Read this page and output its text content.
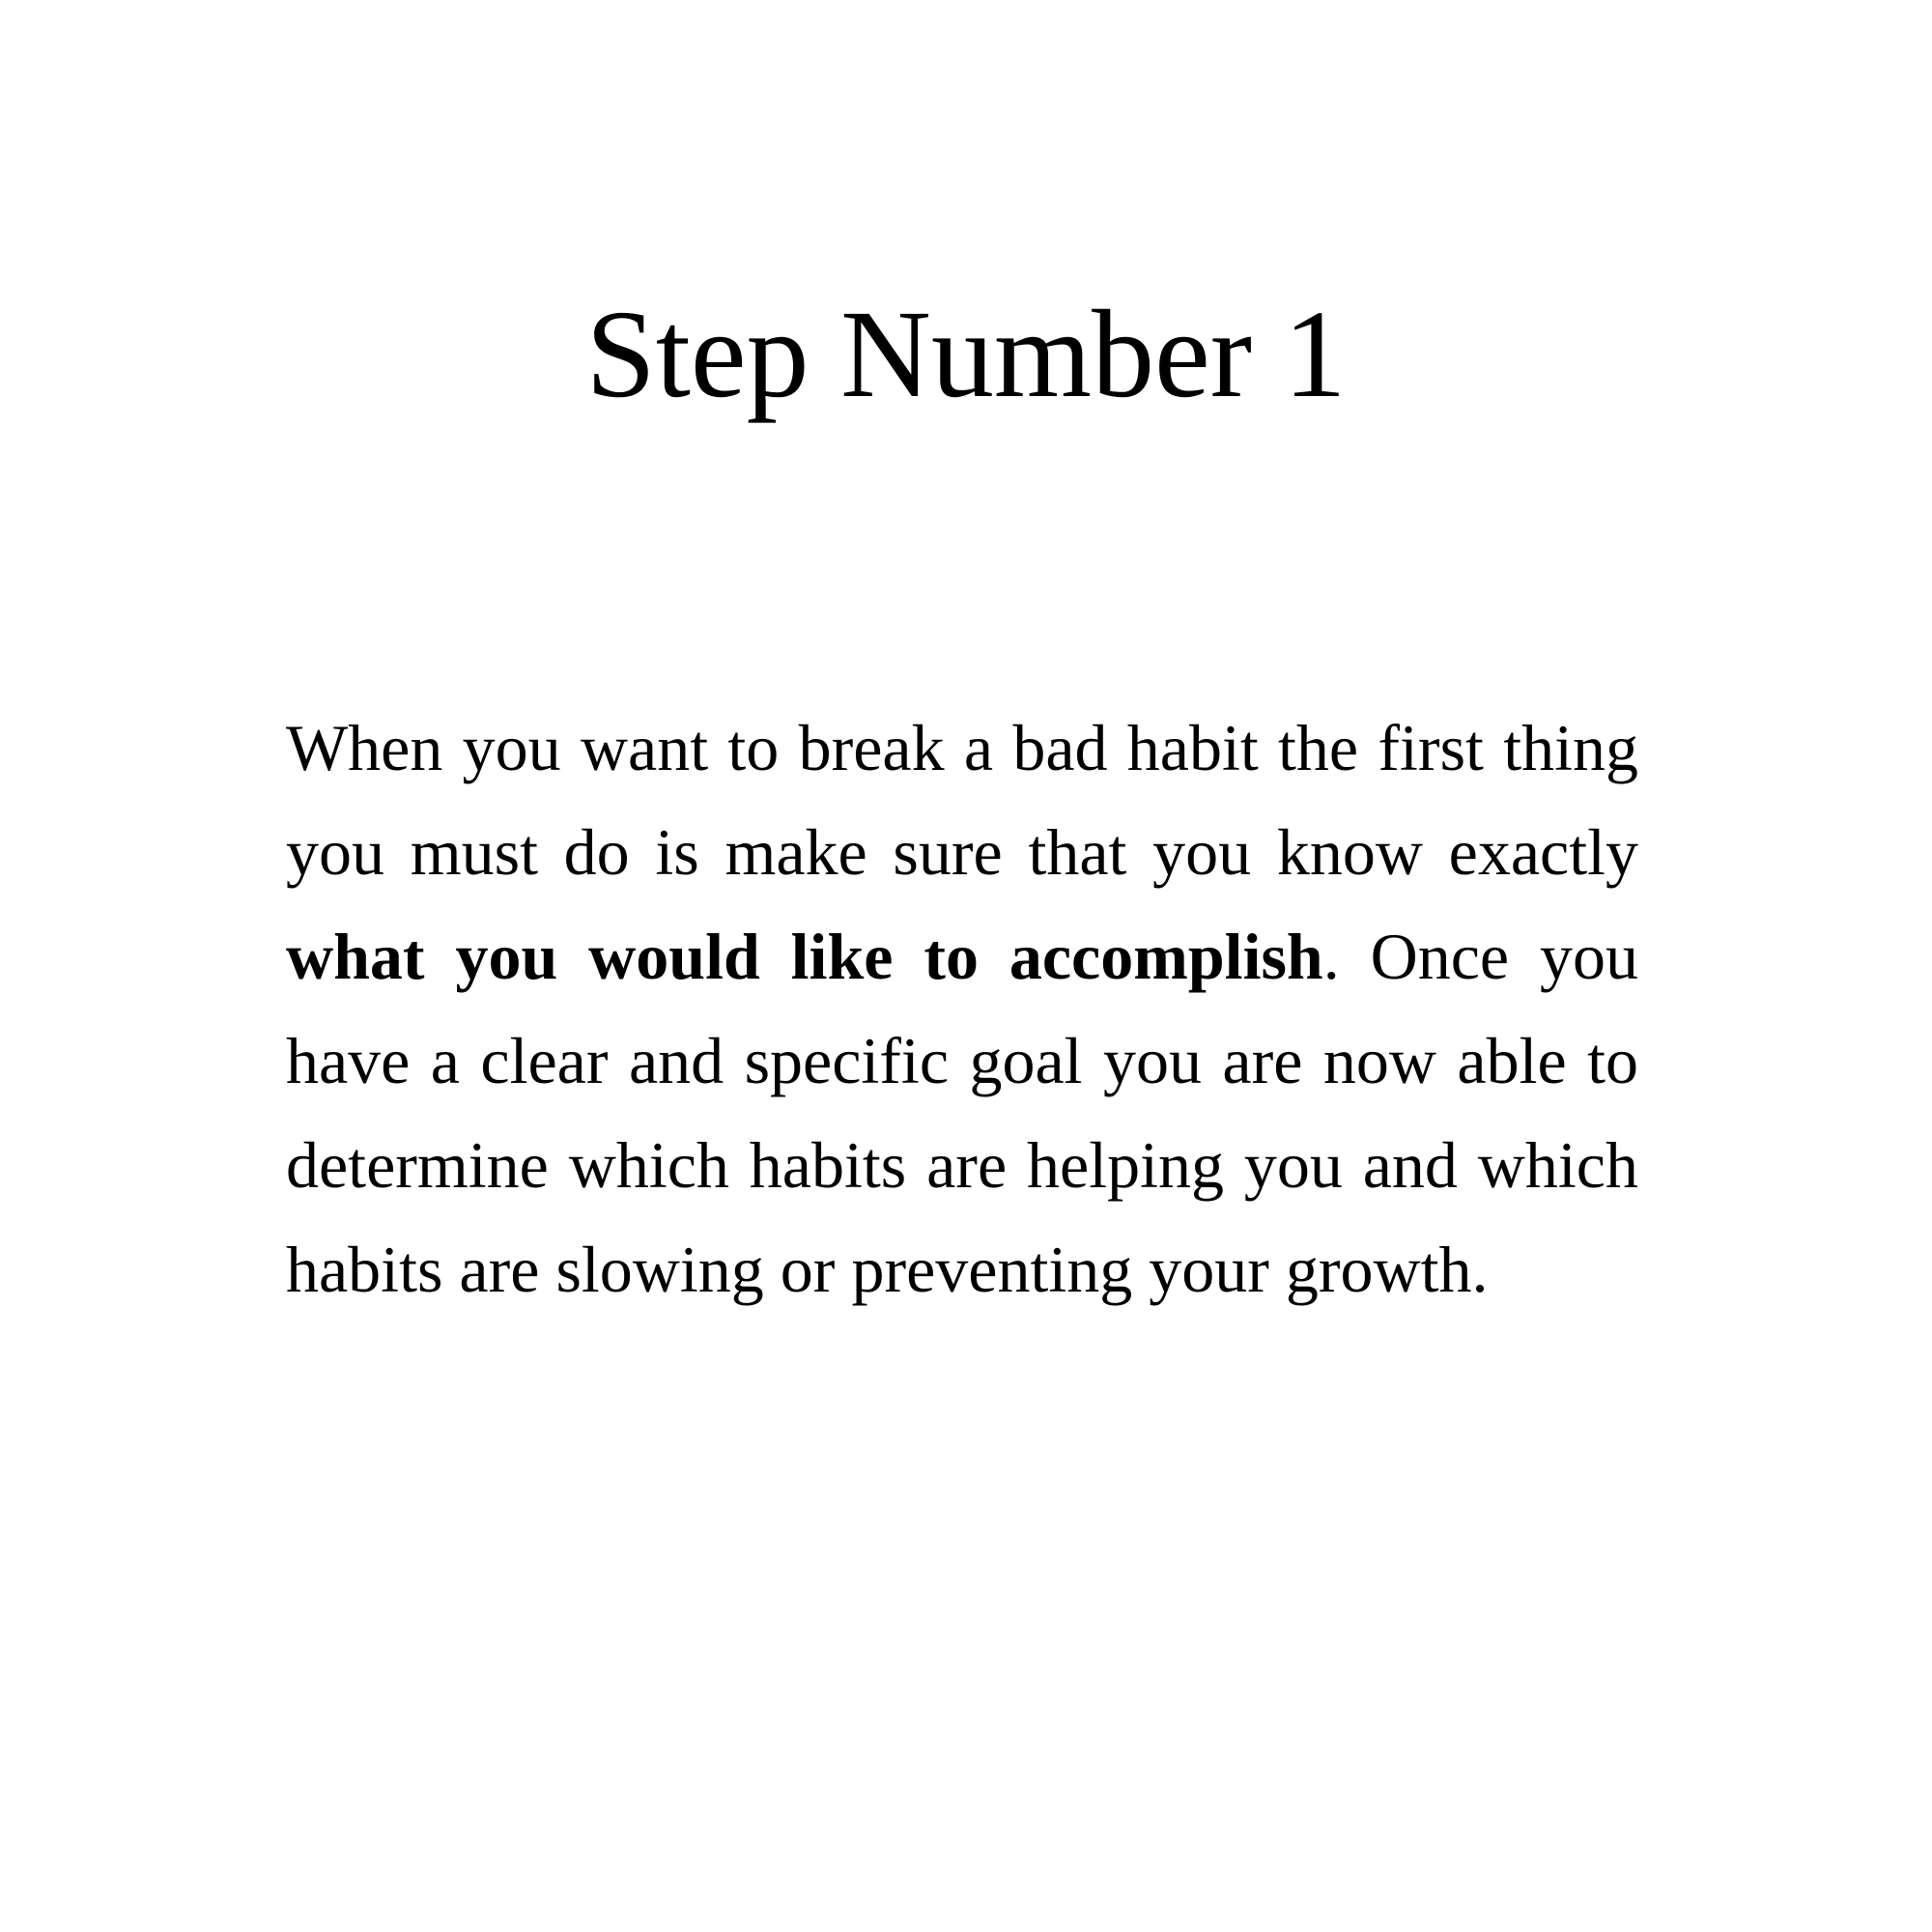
Step Number 1

When you want to break a bad habit the first thing you must do is make sure that you know exactly what you would like to accomplish. Once you have a clear and specific goal you are now able to determine which habits are helping you and which habits are slowing or preventing your growth.
